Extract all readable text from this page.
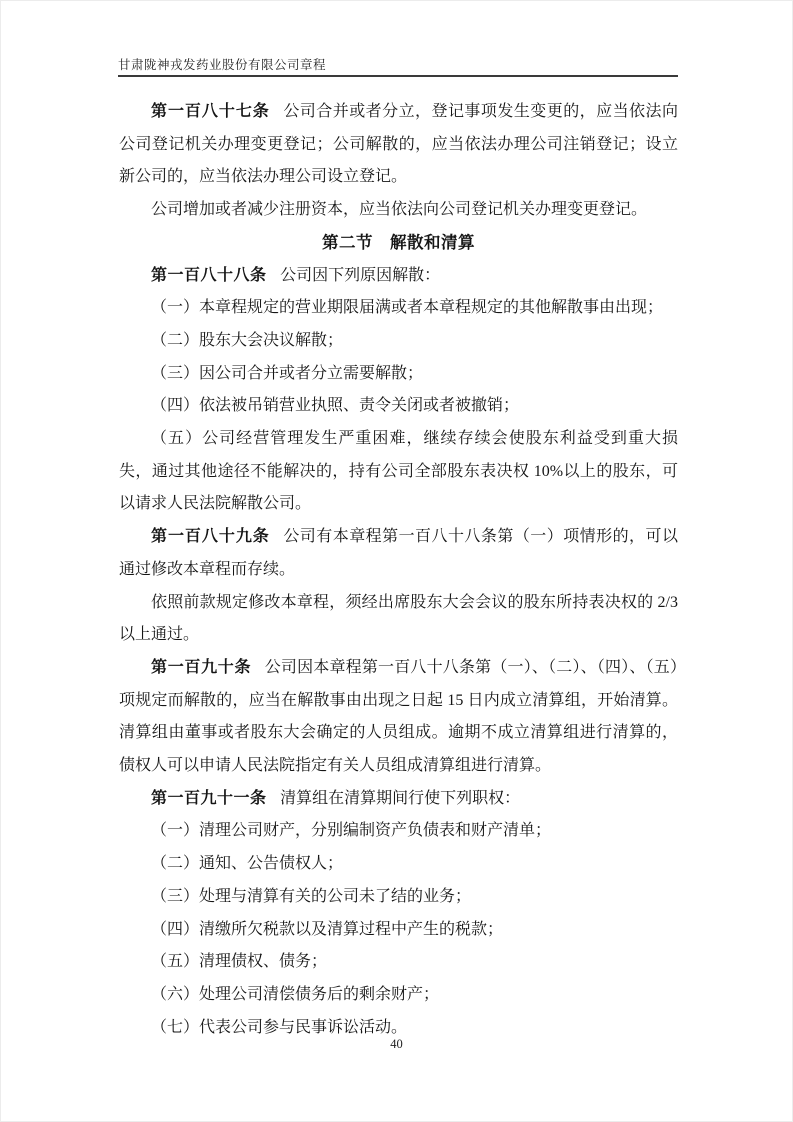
甘肃陇神戎发药业股份有限公司章程

第一百八十七条 公司合并或者分立，登记事项发生变更的，应当依法向公司登记机关办理变更登记；公司解散的，应当依法办理公司注销登记；设立新公司的，应当依法办理公司设立登记。

公司增加或者减少注册资本，应当依法向公司登记机关办理变更登记。

第二节　解散和清算

第一百八十八条 公司因下列原因解散：

（一）本章程规定的营业期限届满或者本章程规定的其他解散事由出现；

（二）股东大会决议解散；

（三）因公司合并或者分立需要解散；

（四）依法被吊销营业执照、责令关闭或者被撤销；

（五）公司经营管理发生严重困难，继续存续会使股东利益受到重大损失，通过其他途径不能解决的，持有公司全部股东表决权 10%以上的股东，可以请求人民法院解散公司。

第一百八十九条 公司有本章程第一百八十八条第（一）项情形的，可以通过修改本章程而存续。

依照前款规定修改本章程，须经出席股东大会会议的股东所持表决权的 2/3 以上通过。

第一百九十条 公司因本章程第一百八十八条第（一）、（二）、（四）、（五）项规定而解散的，应当在解散事由出现之日起 15 日内成立清算组，开始清算。清算组由董事或者股东大会确定的人员组成。逾期不成立清算组进行清算的，债权人可以申请人民法院指定有关人员组成清算组进行清算。

第一百九十一条 清算组在清算期间行使下列职权：

（一）清理公司财产，分别编制资产负债表和财产清单；

（二）通知、公告债权人；

（三）处理与清算有关的公司未了结的业务；

（四）清缴所欠税款以及清算过程中产生的税款；

（五）清理债权、债务；

（六）处理公司清偿债务后的剩余财产；

（七）代表公司参与民事诉讼活动。

40
